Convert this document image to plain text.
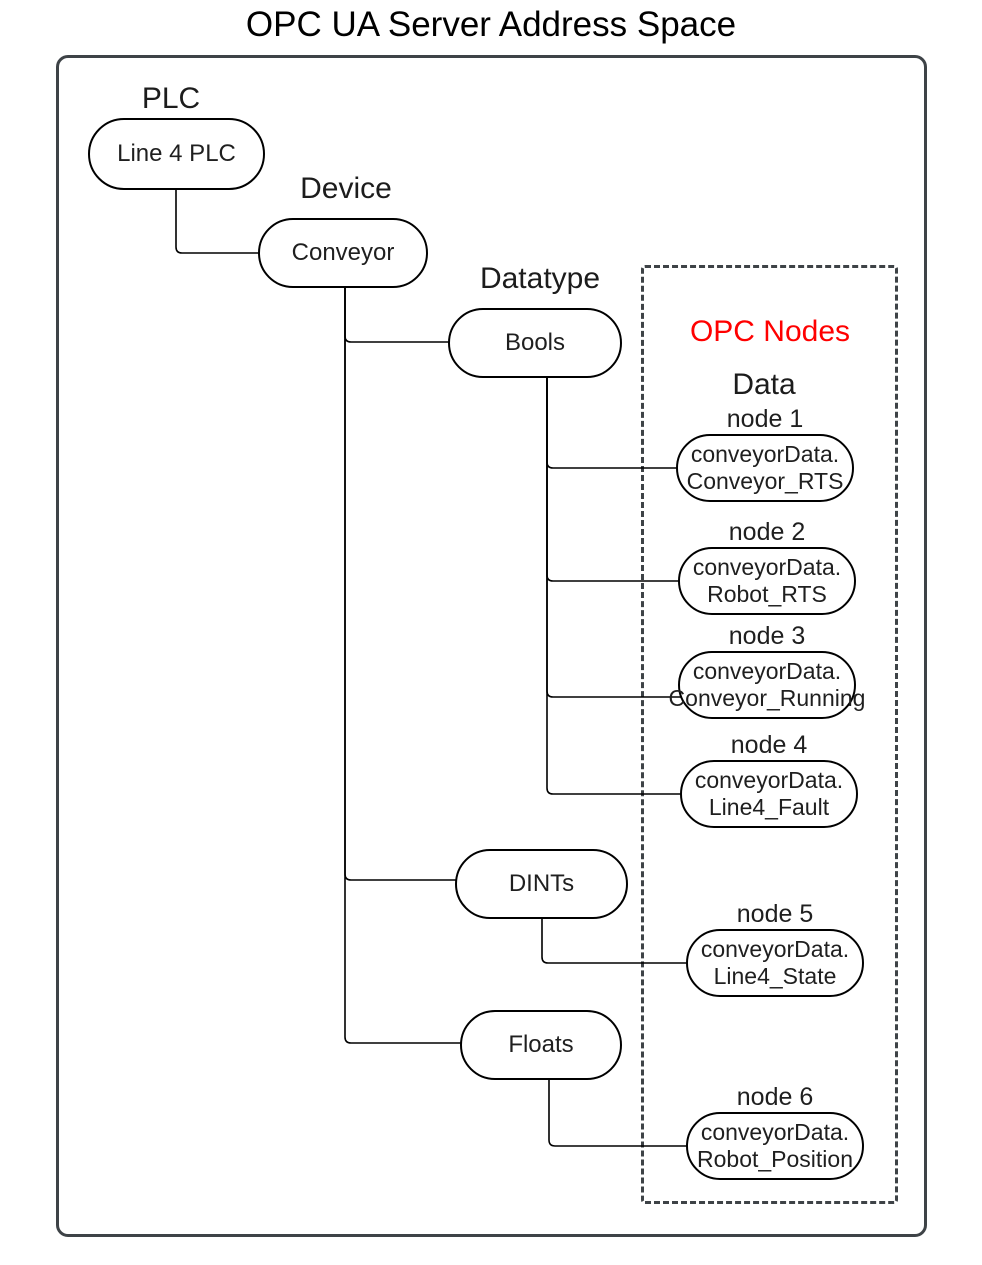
OPC UA Server Address Space
PLC
Device
Datatype
OPC Nodes
Data
Line 4 PLC
Conveyor
Bools
DINTs
Floats
node 1
conveyorData.
Conveyor_RTS
node 2
conveyorData.
Robot_RTS
node 3
conveyorData.
Conveyor_Running
node 4
conveyorData.
Line4_Fault
node 5
conveyorData.
Line4_State
node 6
conveyorData.
Robot_Position
